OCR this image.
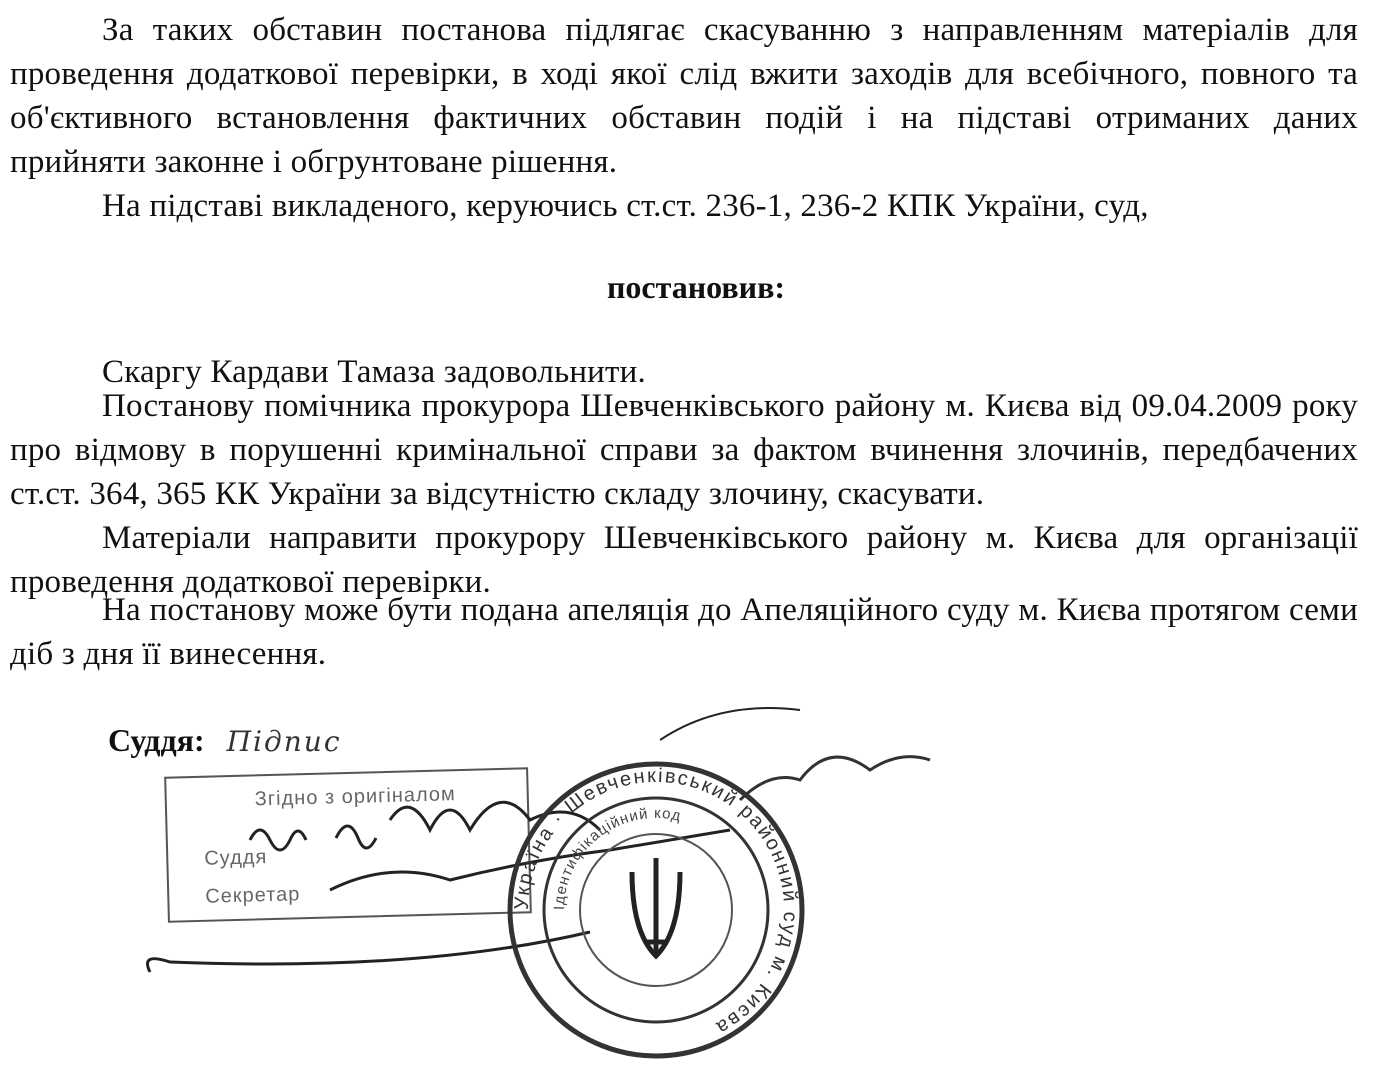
За таких обставин постанова підлягає скасуванню з направленням матеріалів для проведення додаткової перевірки, в ході якої слід вжити заходів для всебічного, повного та об'єктивного встановлення фактичних обставин подій і на підставі отриманих даних прийняти законне і обгрунтоване рішення.

На підставі викладеного, керуючись ст.ст. 236-1, 236-2 КПК України, суд,

постановив:

Скаргу Кардави Тамаза задовольнити.

Постанову помічника прокурора Шевченківського району м. Києва від 09.04.2009 року про відмову в порушенні кримінальної справи за фактом вчинення злочинів, передбачених ст.ст. 364, 365 КК України за відсутністю складу злочину, скасувати.

Матеріали направити прокурору Шевченківського району м. Києва для організації проведення додаткової перевірки.

На постанову може бути подана апеляція до Апеляційного суду м. Києва протягом семи діб з дня її винесення.

Суддя: Підпис
Згідно з оригіналом
Суддя
Секретар	Україна · Шевченківський районний суд м. Києва
Ідентифікаційний код
